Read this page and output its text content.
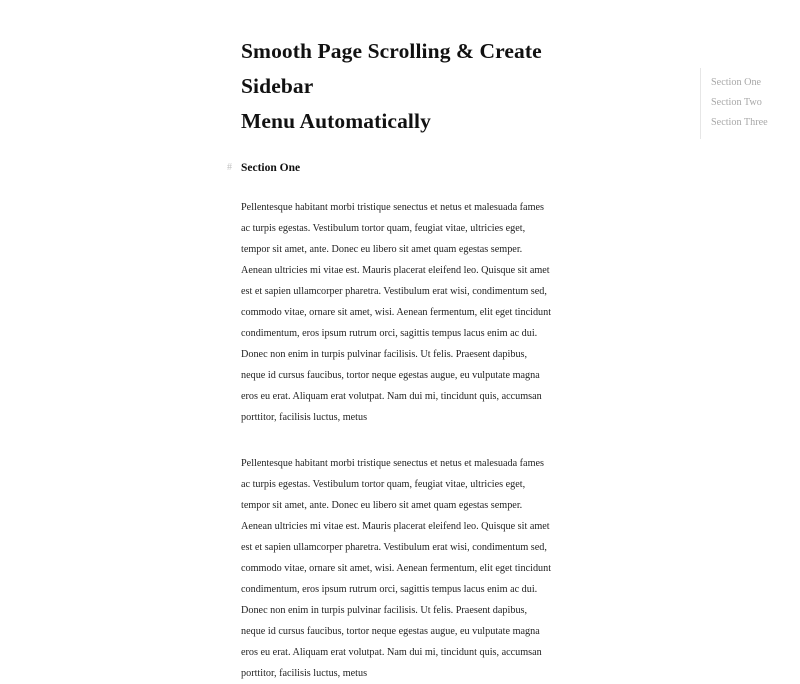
Smooth Page Scrolling & Create Sidebar
Menu Automatically
# Section One

Pellentesque habitant morbi tristique senectus et netus et malesuada fames ac turpis egestas. Vestibulum tortor quam, feugiat vitae, ultricies eget, tempor sit amet, ante. Donec eu libero sit amet quam egestas semper. Aenean ultricies mi vitae est. Mauris placerat eleifend leo. Quisque sit amet est et sapien ullamcorper pharetra. Vestibulum erat wisi, condimentum sed, commodo vitae, ornare sit amet, wisi. Aenean fermentum, elit eget tincidunt condimentum, eros ipsum rutrum orci, sagittis tempus lacus enim ac dui. Donec non enim in turpis pulvinar facilisis. Ut felis. Praesent dapibus, neque id cursus faucibus, tortor neque egestas augue, eu vulputate magna eros eu erat. Aliquam erat volutpat. Nam dui mi, tincidunt quis, accumsan porttitor, facilisis luctus, metus

Pellentesque habitant morbi tristique senectus et netus et malesuada fames ac turpis egestas. Vestibulum tortor quam, feugiat vitae, ultricies eget, tempor sit amet, ante. Donec eu libero sit amet quam egestas semper. Aenean ultricies mi vitae est. Mauris placerat eleifend leo. Quisque sit amet est et sapien ullamcorper pharetra. Vestibulum erat wisi, condimentum sed, commodo vitae, ornare sit amet, wisi. Aenean fermentum, elit eget tincidunt condimentum, eros ipsum rutrum orci, sagittis tempus lacus enim ac dui. Donec non enim in turpis pulvinar facilisis. Ut felis. Praesent dapibus, neque id cursus faucibus, tortor neque egestas augue, eu vulputate magna eros eu erat. Aliquam erat volutpat. Nam dui mi, tincidunt quis, accumsan porttitor, facilisis luctus, metus

Section One
Section Two
Section Three
